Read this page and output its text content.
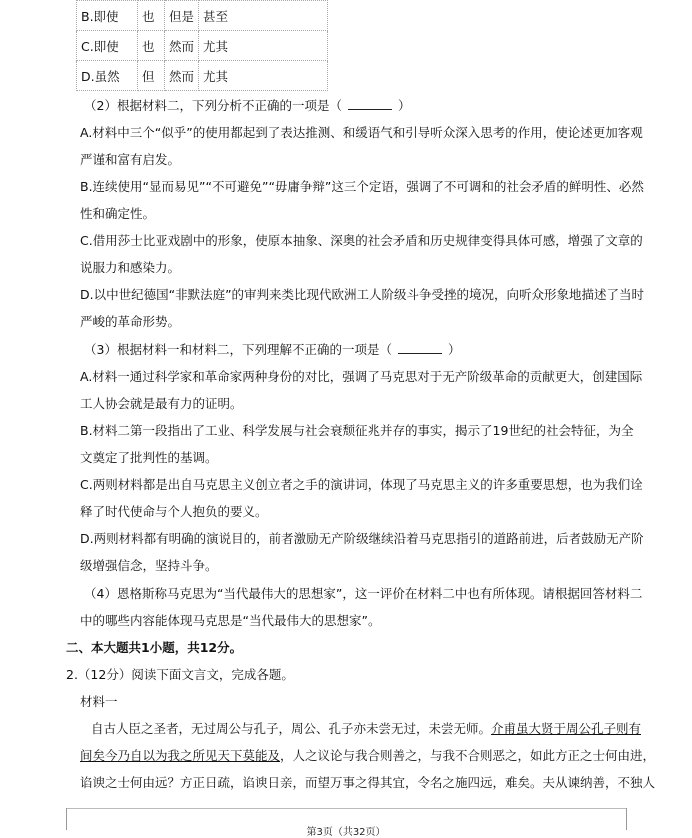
B.即使	也	但是	甚至
C.即使	也	然而	尤其
D.虽然	但	然而	尤其
（2）根据材料二，下列分析不正确的一项是（	）
A.材料中三个“似乎”的使用都起到了表达推测、和缓语气和引导听众深入思考的作用，使论述更加客观
严谨和富有启发。
B.连续使用“显而易见”“不可避免”“毋庸争辩”这三个定语，强调了不可调和的社会矛盾的鲜明性、必然
性和确定性。
C.借用莎士比亚戏剧中的形象，使原本抽象、深奥的社会矛盾和历史规律变得具体可感，增强了文章的
说服力和感染力。
D.以中世纪德国“非默法庭”的审判来类比现代欧洲工人阶级斗争受挫的境况，向听众形象地描述了当时
严峻的革命形势。
（3）根据材料一和材料二，下列理解不正确的一项是（	）
A.材料一通过科学家和革命家两种身份的对比，强调了马克思对于无产阶级革命的贡献更大，创建国际
工人协会就是最有力的证明。
B.材料二第一段指出了工业、科学发展与社会衰颓征兆并存的事实，揭示了19世纪的社会特征，为全
文奠定了批判性的基调。
C.两则材料都是出自马克思主义创立者之手的演讲词，体现了马克思主义的许多重要思想，也为我们诠
释了时代使命与个人抱负的要义。
D.两则材料都有明确的演说目的，前者激励无产阶级继续沿着马克思指引的道路前进，后者鼓励无产阶
级增强信念，坚持斗争。
（4）恩格斯称马克思为“当代最伟大的思想家”，这一评价在材料二中也有所体现。请根据回答材料二
中的哪些内容能体现马克思是“当代最伟大的思想家”。
二、本大题共1小题，共12分。
2.（12分）阅读下面文言文，完成各题。
材料一
自古人臣之圣者，无过周公与孔子，周公、孔子亦未尝无过，未尝无师。介甫虽大贤于周公孔子则有
间矣今乃自以为我之所见天下莫能及，人之议论与我合则善之，与我不合则恶之，如此方正之士何由进，
谄谀之士何由远？方正日疏，谄谀日亲，而望万事之得其宜，令名之施四远，难矣。夫从谏纳善，不独人
第3页（共32页）
